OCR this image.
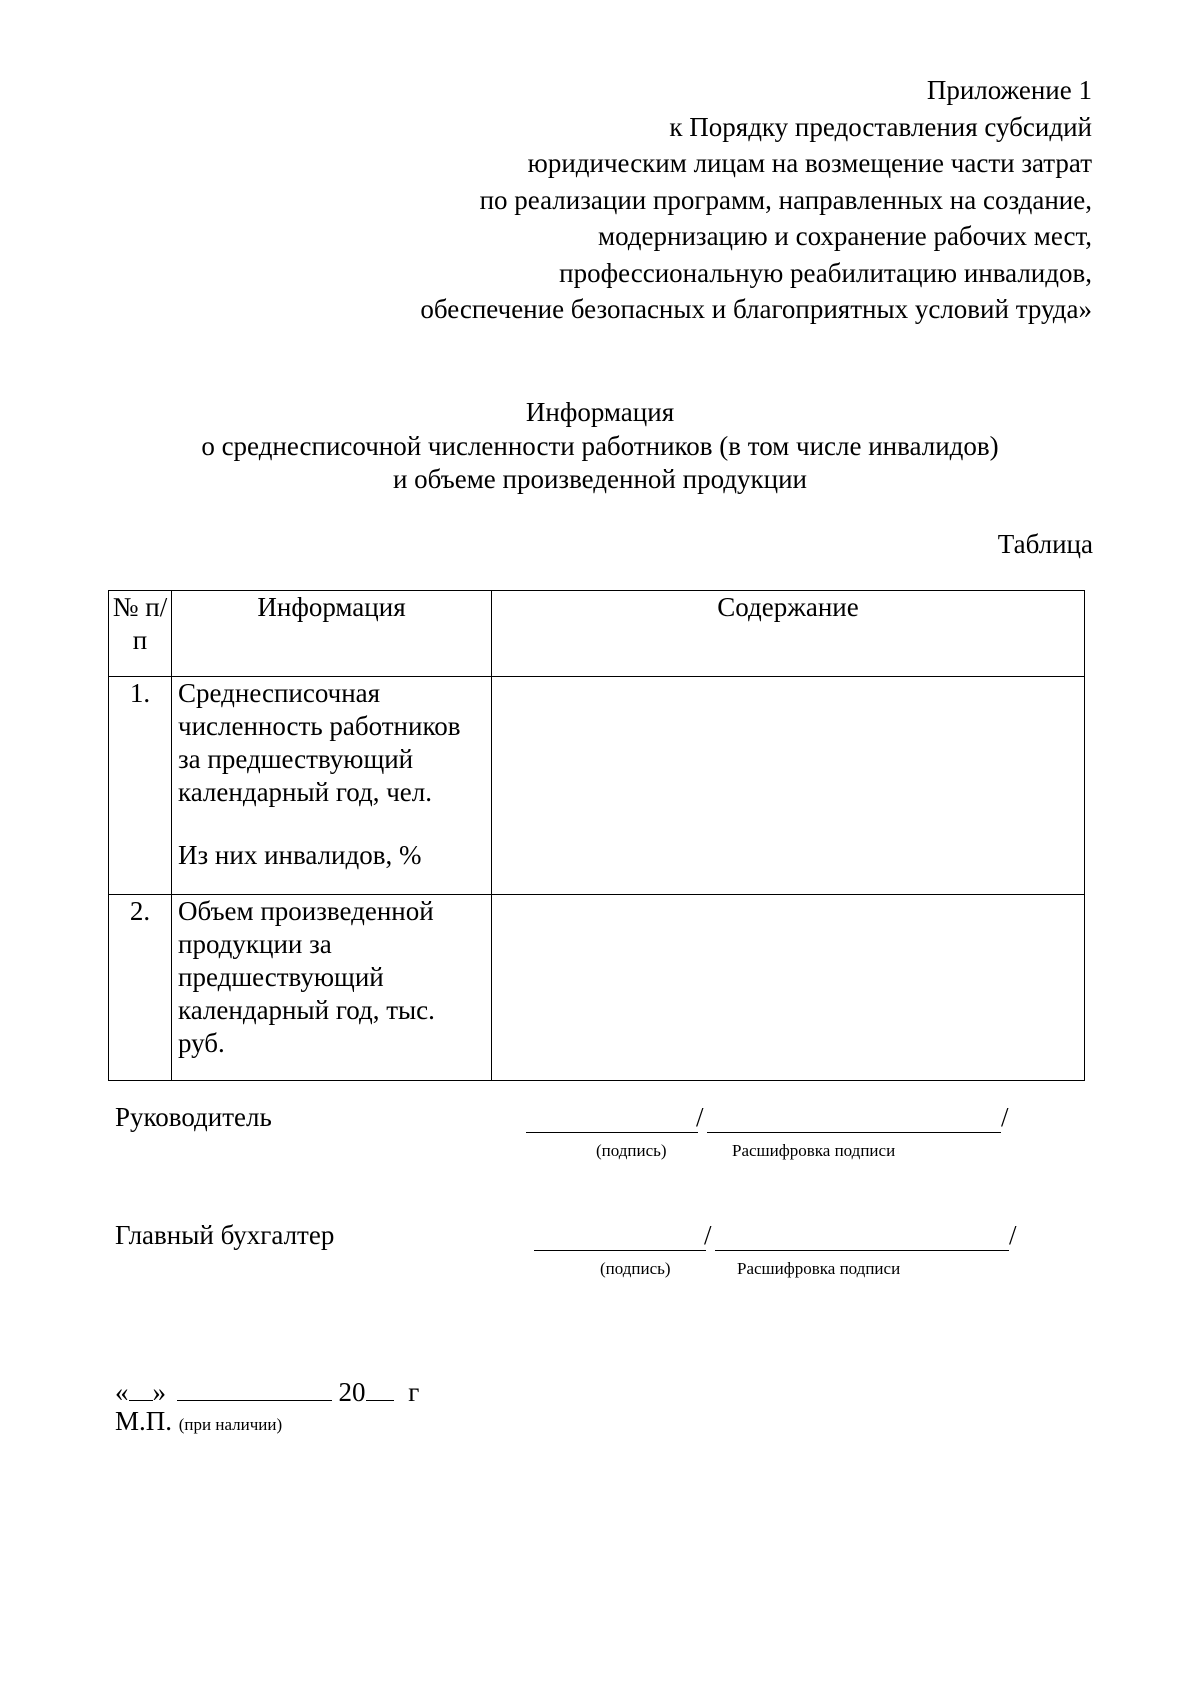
Приложение 1
к Порядку предоставления субсидий
юридическим лицам на возмещение части затрат
по реализации программ, направленных на создание,
модернизацию и сохранение рабочих мест,
профессиональную реабилитацию инвалидов,
обеспечение безопасных и благоприятных условий труда»
Информация
о среднесписочной численности работников (в том числе инвалидов)
и объеме произведенной продукции
Таблица
№ п/п	Информация	Содержание
1.	Среднесписочная численность работников за предшествующий календарный год, чел.
Из них инвалидов, %	

2.	Объем произведенной продукции за предшествующий календарный год, тыс. руб.	

Руководитель	/	/
(подпись)	Расшифровка подписи
Главный бухгалтер	/	/
(подпись)	Расшифровка подписи
« »	20 г
М.П. (при наличии)
